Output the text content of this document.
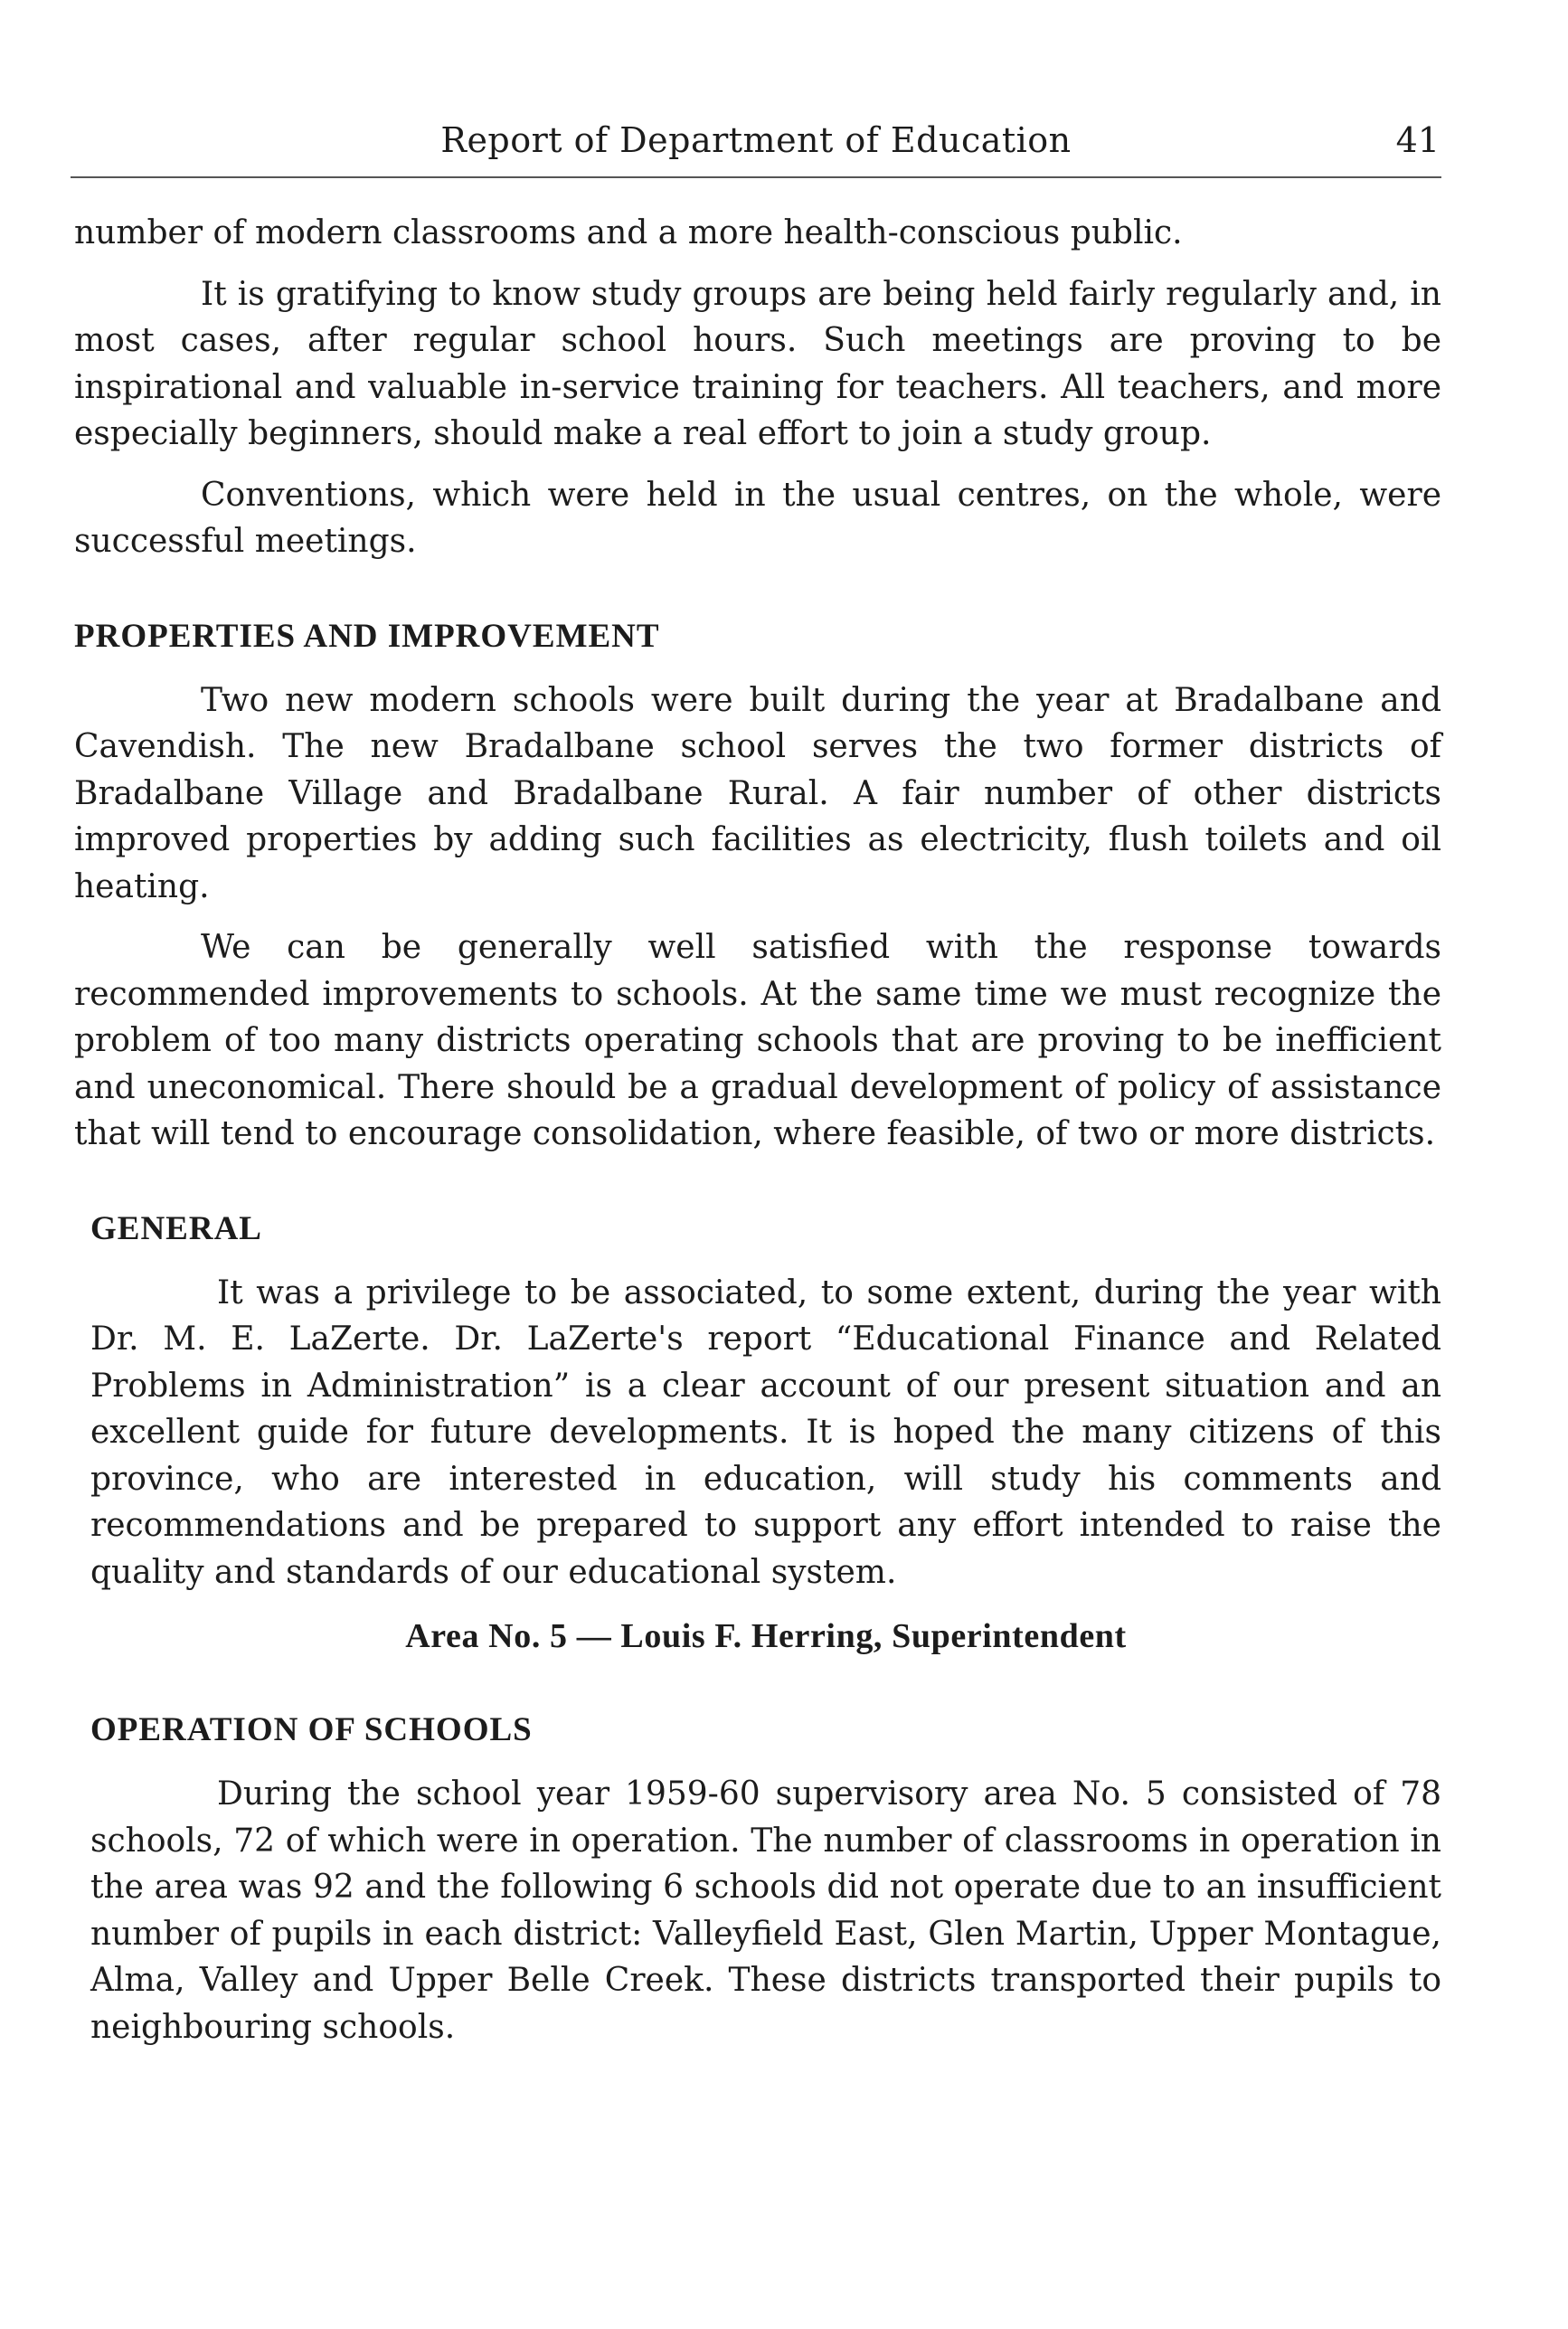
Report of Department of Education	41

number of modern classrooms and a more health-conscious public.

It is gratifying to know study groups are being held fairly regularly and, in most cases, after regular school hours. Such meetings are proving to be inspirational and valuable in-service training for teachers. All teachers, and more especially beginners, should make a real effort to join a study group.

Conventions, which were held in the usual centres, on the whole, were successful meetings.

PROPERTIES AND IMPROVEMENT

Two new modern schools were built during the year at Bradalbane and Cavendish. The new Bradalbane school serves the two former districts of Bradalbane Village and Bradalbane Rural. A fair number of other districts improved properties by adding such facilities as electricity, flush toilets and oil heating.

We can be generally well satisfied with the response towards recommended improvements to schools. At the same time we must recognize the problem of too many districts operating schools that are proving to be inefficient and uneconomical. There should be a gradual development of policy of assistance that will tend to encourage consolidation, where feasible, of two or more districts.

GENERAL

It was a privilege to be associated, to some extent, during the year with Dr. M. E. LaZerte. Dr. LaZerte's report “Educational Finance and Related Problems in Administration” is a clear account of our present situation and an excellent guide for future developments. It is hoped the many citizens of this province, who are interested in education, will study his comments and recommendations and be prepared to support any effort intended to raise the quality and standards of our educational system.

Area No. 5 — Louis F. Herring, Superintendent
OPERATION OF SCHOOLS

During the school year 1959-60 supervisory area No. 5 consisted of 78 schools, 72 of which were in operation. The number of classrooms in operation in the area was 92 and the following 6 schools did not operate due to an insufficient number of pupils in each district: Valleyfield East, Glen Martin, Upper Montague, Alma, Valley and Upper Belle Creek. These districts transported their pupils to neighbouring schools.
